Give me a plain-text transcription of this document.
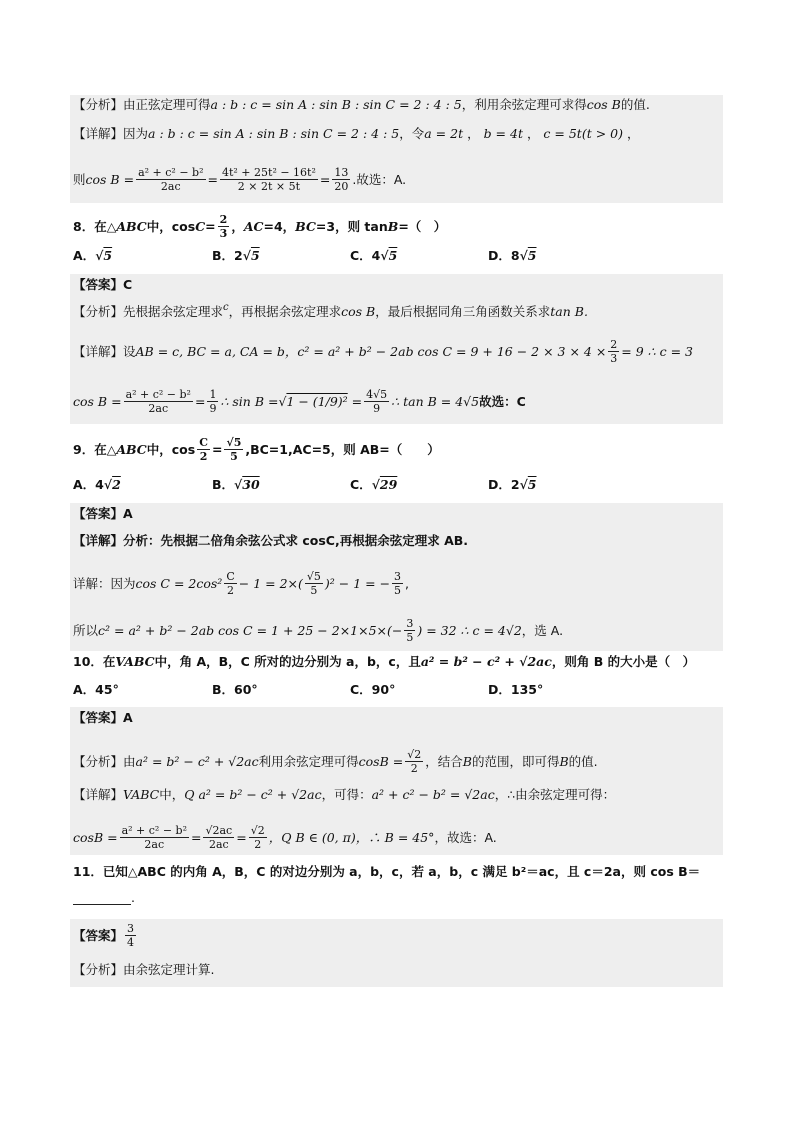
【分析】 由正弦定理可得 a : b : c = sin A : sin B : sin C = 2 : 4 : 5 ，利用余弦定理可求得 cos B 的值.
【详解】 因为 a : b : c = sin A : sin B : sin C = 2 : 4 : 5 ，令 a = 2t ， b = 4t ， c = 5t(t > 0) ，
则 $\cos B = \frac{\text{a² + c² − b²}}{2ac} = \frac{\text{4t² + 25t² − 16t²}}{2 \times 2t \times 5t} = \frac{13}{20}$ .故选：A.
8．在△ ABC 中，$\cos C = \frac{2}{3}$ ， AC =4， BC =3，则 tan B =（　）
A．√5	B．2√5	C．4√5	D．8√5
【答案】C
【分析】先根据余弦定理求 c ，再根据余弦定理求 cos B ，最后根据同角三角函数关系求 tan B.
【详解】设 AB = c, BC = a, CA = b ，c² = a² + b² − 2ab $\cos C = 9 + 16 - 2 \times 3 \times 4 \times \frac{2}{3} = 9$ ∴ c = 3
$\cos B = \frac{\text{a² + c² − b²}}{2ac} = \frac{1}{9}$ ∴ $\sin B = √1 - (1/9)^2 = \frac{4√5}{9}$ ∴ tan B = 4√5 故选：C
9．在△ ABC 中，$\cos \frac{C}{2} = \frac{√5}{5} ,BC=1,AC=5$，则 AB=（　　）
A．4√2	B．√30	C．√29	D．2√5
【答案】A
【详解】分析：先根据二倍角余弦公式求 cosC,再根据余弦定理求 AB.
详解：因为 $\cos C = 2\cos^2 \frac{C}{2} - 1 = 2\times( \frac{√5}{5} )^2 - 1$ = − $\frac{3}{5}$ ,
所以 c² = a² + b² − 2ab $\cos C = 1 + 25 - 2\times 1\times 5\times(- \frac{3}{5}$ ) = 32 ∴ c = 4√2 ，选 A.
10．在 VABC 中，角 A，B，C 所对的边分别为 a，b，c，且 a² = b² − c² + √2ac ，则角 B 的大小是（　）
A．45°	B．60°	C．90°	D．135°
【答案】A
【分析】由 a² = b² − c² + √2ac 利用余弦定理可得 $\cos B = \frac{√2}{2}$ ，结合 B 的范围，即可得 B 的值.
【详解】 VABC 中， Q a² = b² − c² + √2ac ，可得： a² + c² − b² = √2ac ，∴由余弦定理可得：
$\cos B = \frac{\text{a² + c² − b²}}{2ac} = \frac{√2ac}{2ac} = \frac{√2}{2}$ ，Q B ∈ (0, π)，∴ B = 45° ，故选：A.
11．已知△ABC 的内角 A，B，C 的对边分别为 a，b，c，若 a，b，c 满足 b²＝ac，且 c＝2a，则 cos B＝
.
【答案】 $\frac{3}{4}$
【分析】由余弦定理计算.
